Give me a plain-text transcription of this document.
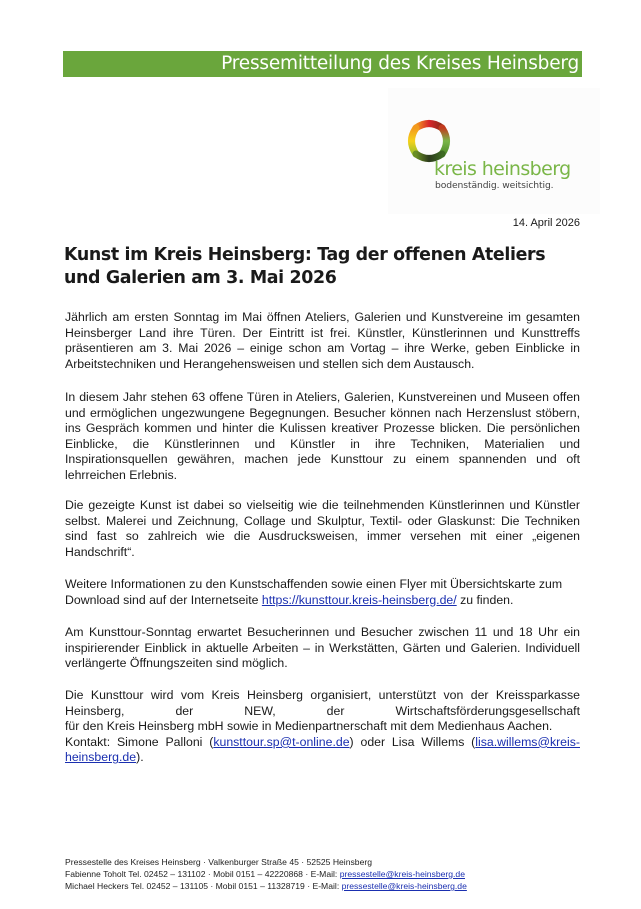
Pressemitteilung des Kreises Heinsberg
kreis heinsberg
bodenständig. weitsichtig.
14. April 2026
Kunst im Kreis Heinsberg: Tag der offenen Ateliers und Galerien am 3. Mai 2026

Jährlich am ersten Sonntag im Mai öffnen Ateliers, Galerien und Kunstvereine im gesamten Heinsberger Land ihre Türen. Der Eintritt ist frei. Künstler, Künstlerinnen und Kunsttreffs präsentieren am 3. Mai 2026 – einige schon am Vortag – ihre Werke, geben Einblicke in Arbeitstechniken und Herangehensweisen und stellen sich dem Austausch.

In diesem Jahr stehen 63 offene Türen in Ateliers, Galerien, Kunstvereinen und Museen offen und ermöglichen ungezwungene Begegnungen. Besucher können nach Herzenslust stöbern, ins Gespräch kommen und hinter die Kulissen kreativer Prozesse blicken. Die persönlichen Einblicke, die Künstlerinnen und Künstler in ihre Techniken, Materialien und Inspirationsquellen gewähren, machen jede Kunsttour zu einem spannenden und oft lehrreichen Erlebnis.

Die gezeigte Kunst ist dabei so vielseitig wie die teilnehmenden Künstlerinnen und Künstler selbst. Malerei und Zeichnung, Collage und Skulptur, Textil- oder Glaskunst: Die Techniken sind fast so zahlreich wie die Ausdrucksweisen, immer versehen mit einer „eigenen Handschrift“.

Weitere Informationen zu den Kunstschaffenden sowie einen Flyer mit Übersichtskarte zum Download sind auf der Internetseite https://kunsttour.kreis-heinsberg.de/ zu finden.

Am Kunsttour-Sonntag erwartet Besucherinnen und Besucher zwischen 11 und 18 Uhr ein inspirierender Einblick in aktuelle Arbeiten – in Werkstätten, Gärten und Galerien. Individuell verlängerte Öffnungszeiten sind möglich.

Die Kunsttour wird vom Kreis Heinsberg organisiert, unterstützt von der Kreissparkasse Heinsberg, der NEW, der Wirtschaftsförderungsgesellschaft
für den Kreis Heinsberg mbH sowie in Medienpartnerschaft mit dem Medienhaus Aachen.
Kontakt: Simone Palloni (kunsttour.sp@t-online.de) oder Lisa Willems (lisa.willems@kreis-heinsberg.de).
Pressestelle des Kreises Heinsberg · Valkenburger Straße 45 · 52525 Heinsberg
Fabienne Toholt Tel. 02452 – 131102 · Mobil 0151 – 42220868 · E-Mail: pressestelle@kreis-heinsberg.de
Michael Heckers Tel. 02452 – 131105 · Mobil 0151 – 11328719 · E-Mail: pressestelle@kreis-heinsberg.de
